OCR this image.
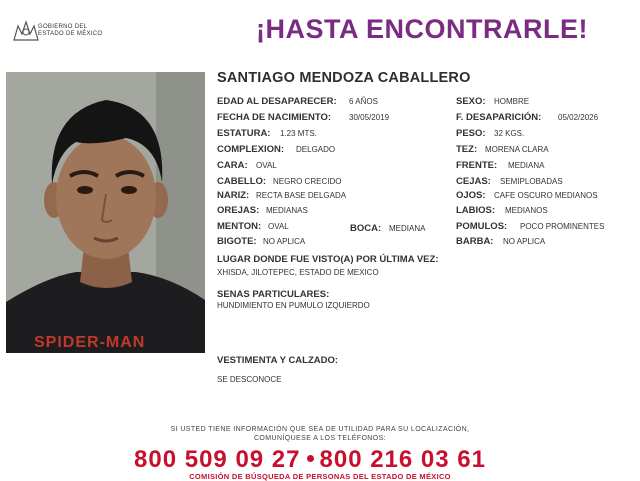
GOBIERNO DEL
ESTADO DE MÉXICO	¡HASTA ENCONTRARLE!
SPIDER-MAN
SANTIAGO MENDOZA CABALLERO
EDAD AL DESAPARECER: 6 AÑOS
FECHA DE NACIMIENTO: 30/05/2019
ESTATURA: 1.23 MTS.
COMPLEXION: DELGADO
CARA: OVAL
CABELLO: NEGRO CRECIDO
NARIZ: RECTA BASE DELGADA
OREJAS: MEDIANAS
MENTON: OVAL	BOCA: MEDIANA
BIGOTE: NO APLICA
SEXO: HOMBRE
F. DESAPARICIÓN: 05/02/2026
PESO: 32 KGS.
TEZ: MORENA CLARA
FRENTE: MEDIANA
CEJAS: SEMIPLOBADAS
OJOS: CAFE OSCURO MEDIANOS
LABIOS: MEDIANOS
POMULOS: POCO PROMINENTES
BARBA: NO APLICA
LUGAR DONDE FUE VISTO(A) POR ÚLTIMA VEZ:
XHISDA, JILOTEPEC, ESTADO DE MEXICO
SENAS PARTICULARES:
HUNDIMIENTO EN PUMULO IZQUIERDO
VESTIMENTA Y CALZADO:
SE DESCONOCE
SI USTED TIENE INFORMACIÓN QUE SEA DE UTILIDAD PARA SU LOCALIZACIÓN,
COMUNÍQUESE A LOS TELÉFONOS:
800 509 09 27 800 216 03 61
COMISIÓN DE BÚSQUEDA DE PERSONAS DEL ESTADO DE MÉXICO
